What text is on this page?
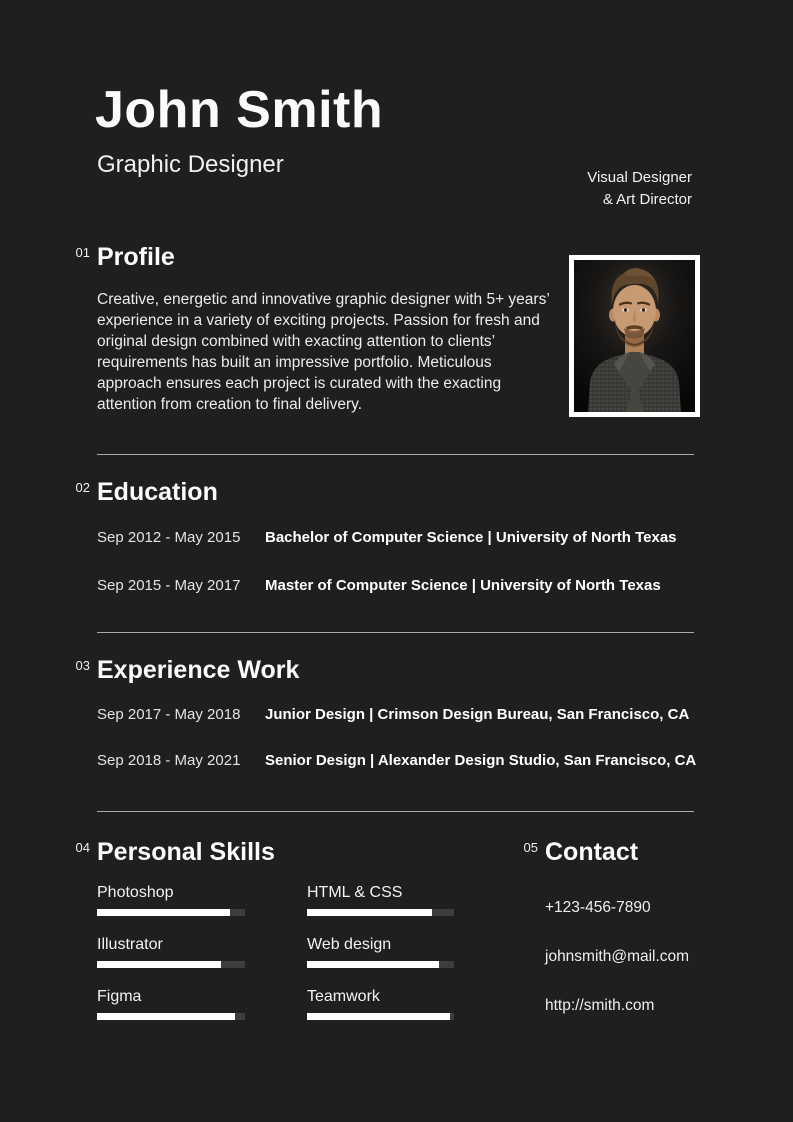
John Smith
Graphic Designer	Visual Designer
& Art Director
01 Profile

Creative, energetic and innovative graphic designer with 5+ years’ experience in a variety of exciting projects. Passion for fresh and original design combined with exacting attention to clients’ requirements has built an impressive portfolio. Meticulous approach ensures each project is curated with the exacting attention from creation to final delivery.

02 Education
Sep 2012 - May 2015	Bachelor of Computer Science | University of North Texas
Sep 2015 - May 2017	Master of Computer Science | University of North Texas
03 Experience Work
Sep 2017 - May 2018	Junior Design | Crimson Design Bureau, San Francisco, CA
Sep 2018 - May 2021	Senior Design | Alexander Design Studio, San Francisco, CA
04 Personal Skills
Photoshop
Illustrator
Figma
HTML & CSS
Web design
Teamwork
05 Contact
+123-456-7890
johnsmith@mail.com
http://smith.com
